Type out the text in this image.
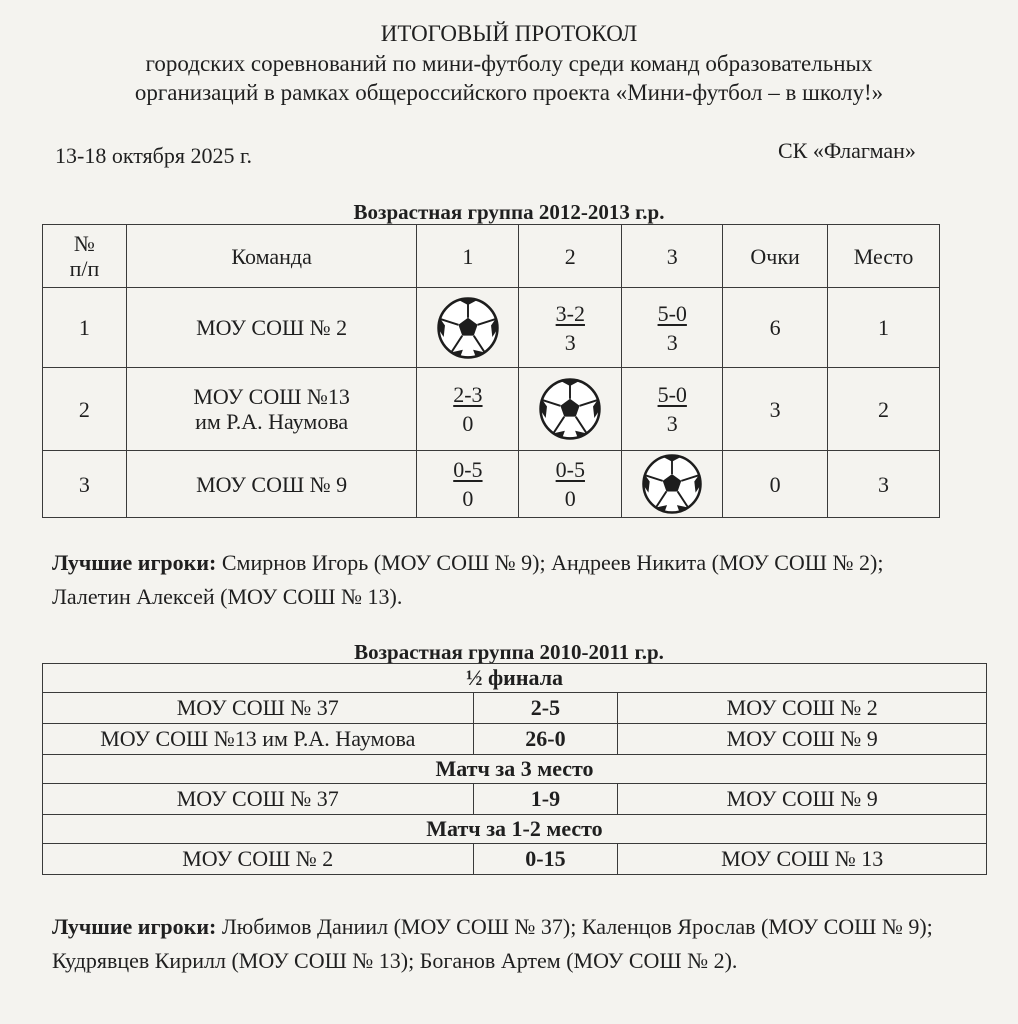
ИТОГОВЫЙ ПРОТОКОЛ
городских соревнований по мини-футболу среди команд образовательных
организаций в рамках общероссийского проекта «Мини-футбол – в школу!»
13-18 октября 2025 г.	СК «Флагман»
Возрастная группа 2012-2013 г.р.
№
п/п	Команда	1	2	3	Очки	Место
1	МОУ СОШ № 2		$\frac{3-2}{3}$	$\frac{5-0}{3}$	6	1
2	МОУ СОШ №13
им Р.А. Наумова	$\frac{2-3}{0}$		$\frac{5-0}{3}$	3	2
3	МОУ СОШ № 9	$\frac{0-5}{0}$	$\frac{0-5}{0}$		0	3
Лучшие игроки: Смирнов Игорь (МОУ СОШ № 9); Андреев Никита (МОУ СОШ № 2); Лалетин Алексей (МОУ СОШ № 13).
Возрастная группа 2010-2011 г.р.
½ финала		
МОУ СОШ № 37	2-5	МОУ СОШ № 2
МОУ СОШ №13 им Р.А. Наумова	26-0	МОУ СОШ № 9
Матч за 3 место		
МОУ СОШ № 37	1-9	МОУ СОШ № 9
Матч за 1-2 место		
МОУ СОШ № 2	0-15	МОУ СОШ № 13
Лучшие игроки: Любимов Даниил (МОУ СОШ № 37); Каленцов Ярослав (МОУ СОШ № 9); Кудрявцев Кирилл (МОУ СОШ № 13); Боганов Артем (МОУ СОШ № 2).
